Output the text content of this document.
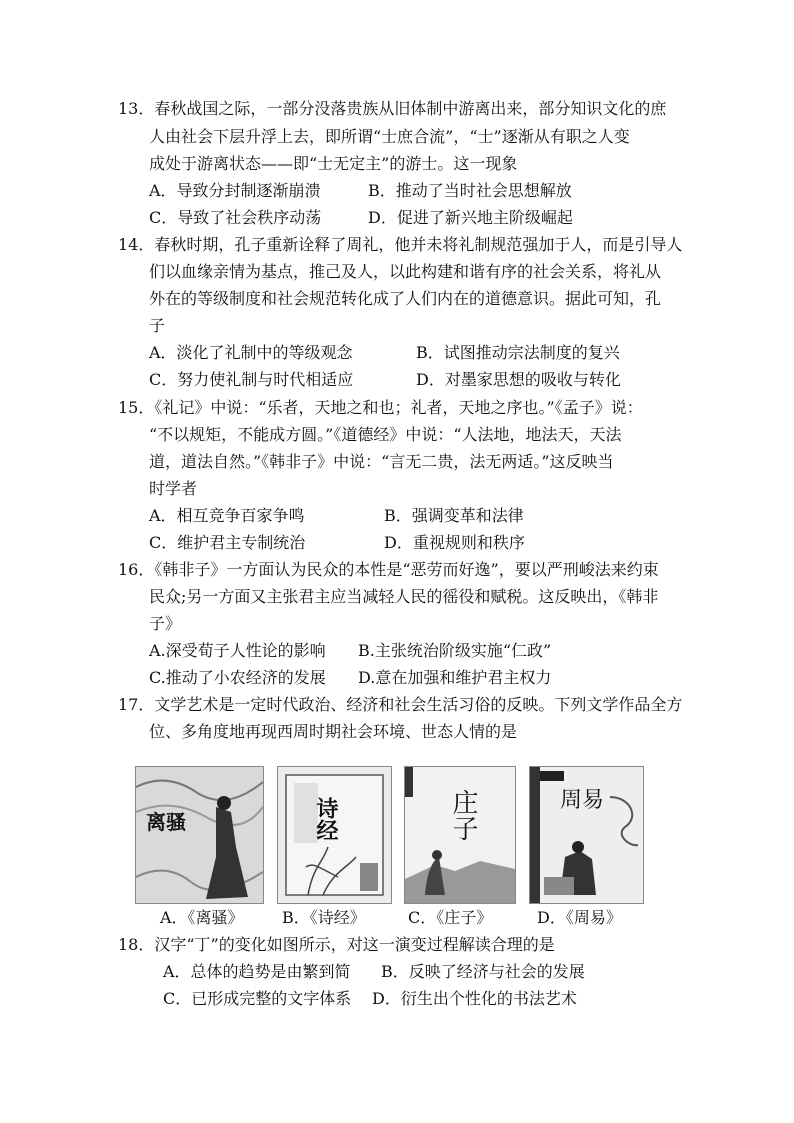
13．春秋战国之际，一部分没落贵族从旧体制中游离出来，部分知识文化的庶
人由社会下层升浮上去，即所谓“士庶合流”，“士”逐渐从有职之人变
成处于游离状态——即“士无定主”的游士。这一现象
A．导致分封制逐渐崩溃	B．推动了当时社会思想解放
C．导致了社会秩序动荡	D．促进了新兴地主阶级崛起
14．春秋时期，孔子重新诠释了周礼，他并未将礼制规范强加于人，而是引导人
们以血缘亲情为基点，推己及人，以此构建和谐有序的社会关系，将礼从
外在的等级制度和社会规范转化成了人们内在的道德意识。据此可知，孔
子
A．淡化了礼制中的等级观念	B．试图推动宗法制度的复兴
C．努力使礼制与时代相适应	D．对墨家思想的吸收与转化
15．《礼记》中说：“乐者，天地之和也；礼者，天地之序也。”《孟子》说：
“不以规矩，不能成方圆。”《道德经》中说：“人法地，地法天，天法
道，道法自然。”《韩非子》中说：“言无二贵，法无两适。”这反映当
时学者
A．相互竞争百家争鸣	B．强调变革和法律
C．维护君主专制统治	D．重视规则和秩序
16．《韩非子》一方面认为民众的本性是“恶劳而好逸”，要以严刑峻法来约束
民众;另一方面又主张君主应当减轻人民的徭役和赋税。这反映出，《韩非
子》
A.深受荀子人性论的影响 B.主张统治阶级实施“仁政”
C.推动了小农经济的发展 D.意在加强和维护君主权力
17．文学艺术是一定时代政治、经济和社会生活习俗的反映。下列文学作品全方
位、多角度地再现西周时期社会环境、世态人情的是
离骚	诗经	庄子	周易
A．《离骚》 B．《诗经》	C．《庄子》	D．《周易》
18．汉字“丁”的变化如图所示，对这一演变过程解读合理的是
A．总体的趋势是由繁到简 B．反映了经济与社会的发展
C．已形成完整的文字体系 D．衍生出个性化的书法艺术
